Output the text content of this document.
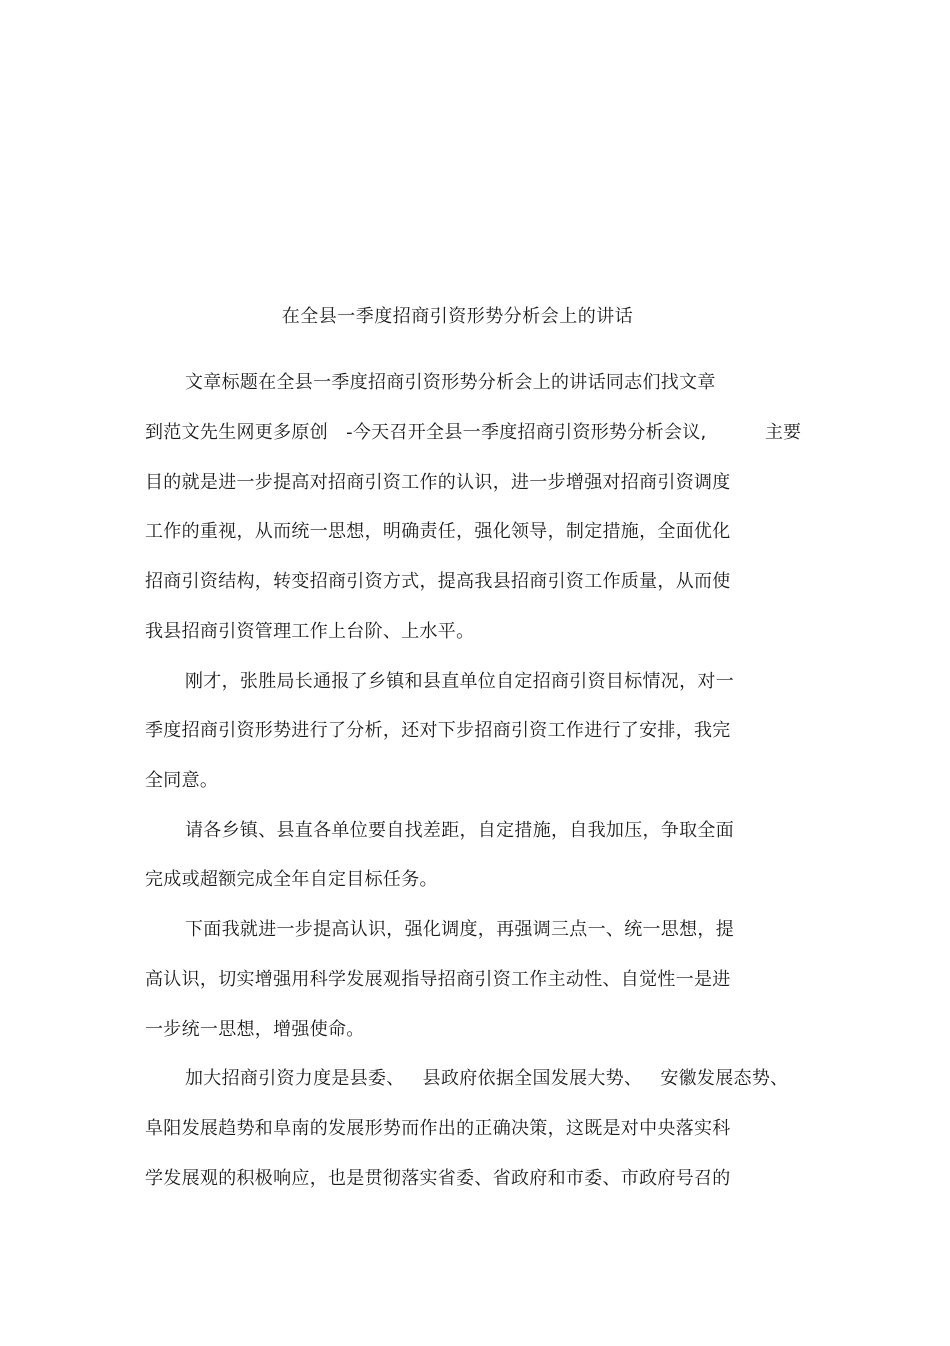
在全县一季度招商引资形势分析会上的讲话
文章标题在全县一季度招商引资形势分析会上的讲话同志们找文章
到范文先生网更多原创   -今天召开全县一季度招商引资形势分析会议,	主要
目的就是进一步提高对招商引资工作的认识，进一步增强对招商引资调度
工作的重视，从而统一思想，明确责任，强化领导，制定措施，全面优化
招商引资结构，转变招商引资方式，提高我县招商引资工作质量，从而使
我县招商引资管理工作上台阶、上水平。
刚才，张胜局长通报了乡镇和县直单位自定招商引资目标情况，对一
季度招商引资形势进行了分析，还对下步招商引资工作进行了安排，我完
全同意。
请各乡镇、县直各单位要自找差距，自定措施，自我加压，争取全面
完成或超额完成全年自定目标任务。
下面我就进一步提高认识，强化调度，再强调三点一、统一思想，提
高认识，切实增强用科学发展观指导招商引资工作主动性、自觉性一是进
一步统一思想，增强使命。
加大招商引资力度是县委、   县政府依据全国发展大势、   安徽发展态势、
阜阳发展趋势和阜南的发展形势而作出的正确决策，这既是对中央落实科
学发展观的积极响应，也是贯彻落实省委、省政府和市委、市政府号召的
